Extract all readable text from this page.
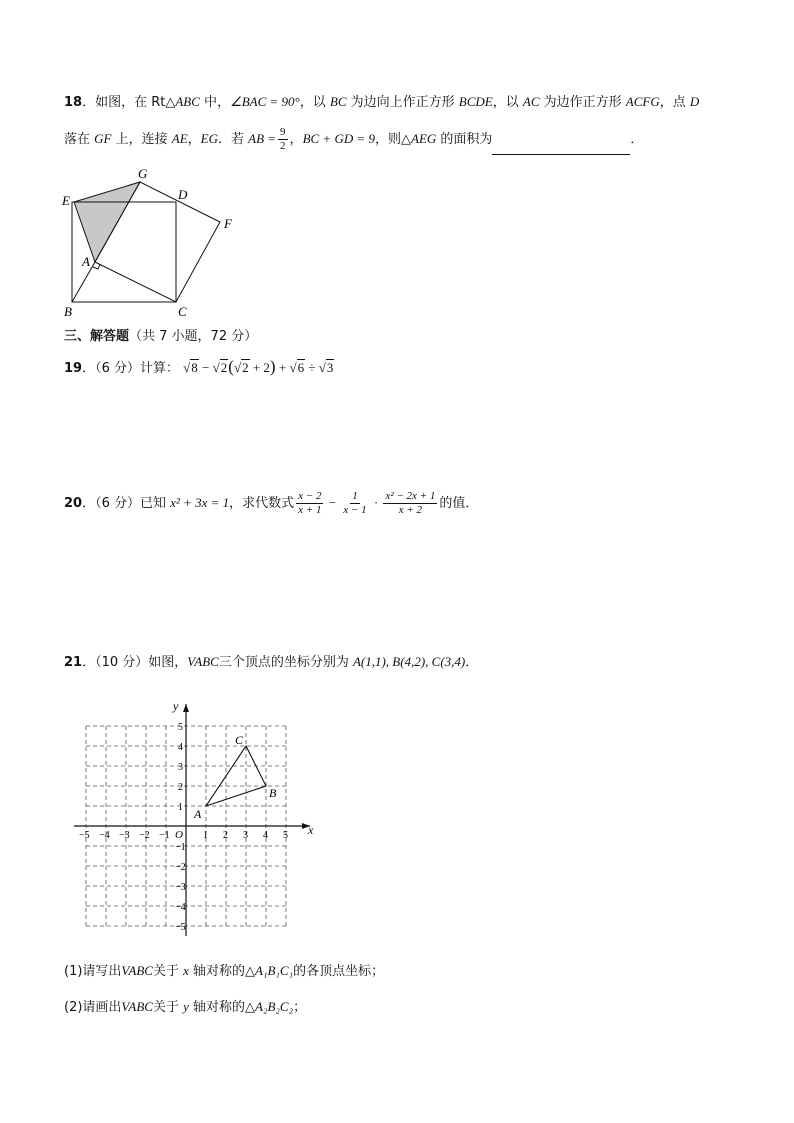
18．如图，在 Rt△ABC 中，∠BAC = 90°，以 BC 为边向上作正方形 BCDE，以 AC 为边作正方形 ACFG，点 D
落在 GF 上，连接 AE，EG．若 AB = $\frac{9}{2}$ ，BC + GD = 9，则△AEG 的面积为	．
E
G
D
F
A
B	C
三、解答题（共 7 小题，72 分）
19．（6 分）计算： √8 − √2(√2 + 2) + √6 ÷ √3
20．（6 分）已知 x² + 3x = 1，求代数式 $\frac{x - 2}{x + 1} - \frac{1}{x - 1} \cdot \frac{\text{x² − 2x + 1}}{x + 2}$ 的值．
21．（10 分）如图，VABC三个顶点的坐标分别为 A(1,1), B(4,2), C(3,4)．
x
y
O
−5 −4 −3 −2 −1	1 2 3 4 5
5
4
3
2
1
−1
−2
−3
−4
−5
A
B
C
(1)请写出VABC关于 x 轴对称的△A₁B₁C₁的各顶点坐标；
(2)请画出VABC关于 y 轴对称的△A₂B₂C₂；
